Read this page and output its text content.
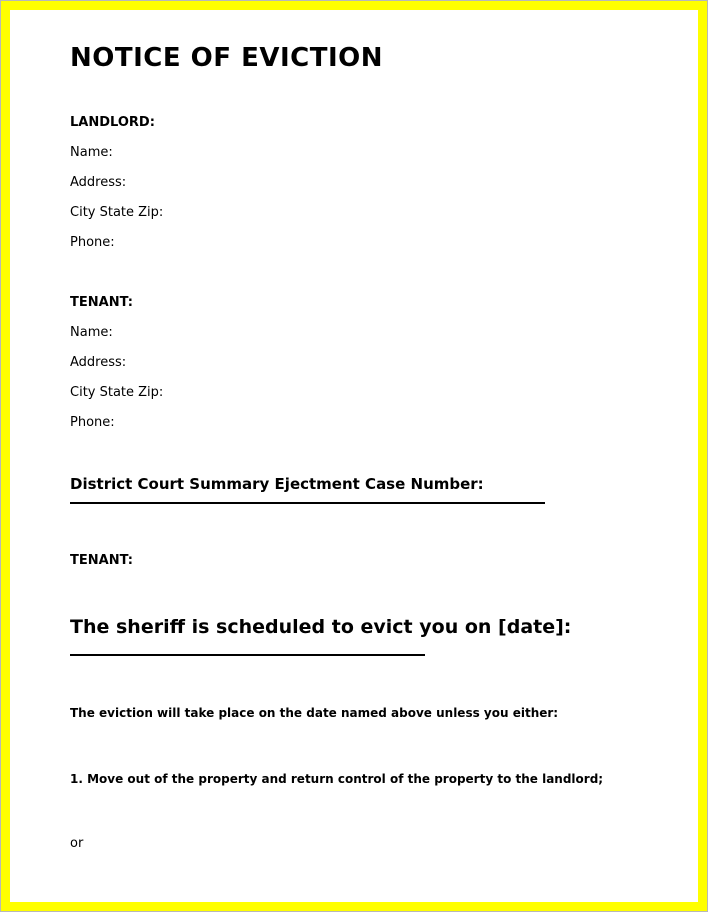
NOTICE OF EVICTION

LANDLORD:

Name:

Address:

City State Zip:

Phone:

TENANT:

Name:

Address:

City State Zip:

Phone:

District Court Summary Ejectment Case Number:

TENANT:

The sheriff is scheduled to evict you on [date]:

The eviction will take place on the date named above unless you either:

1. Move out of the property and return control of the property to the landlord;

or
